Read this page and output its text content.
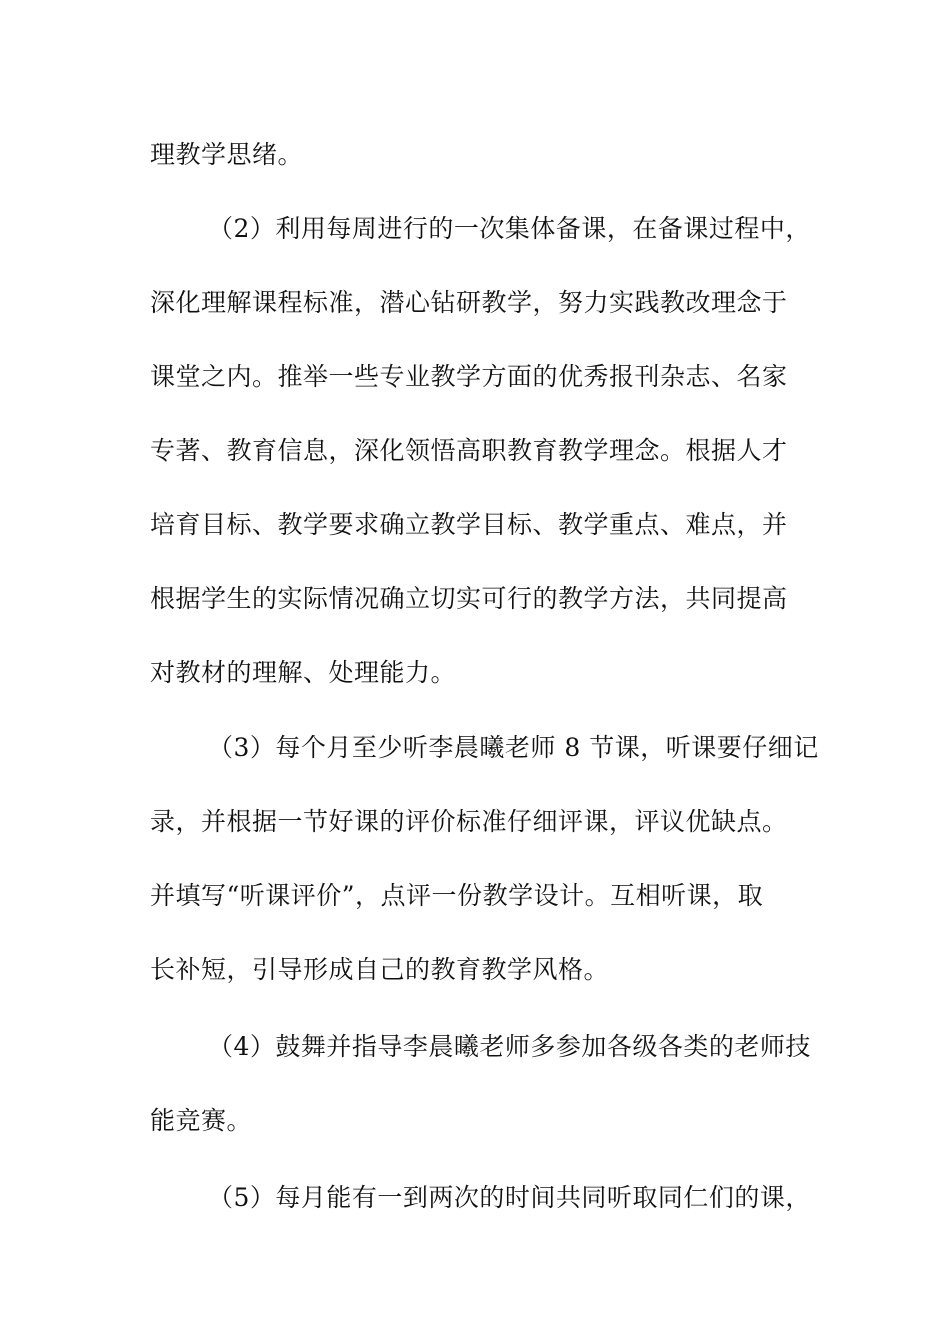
理教学思绪。
（2）利用每周进行的一次集体备课，在备课过程中，
深化理解课程标准，潜心钻研教学，努力实践教改理念于
课堂之内。推举一些专业教学方面的优秀报刊杂志、名家
专著、教育信息，深化领悟高职教育教学理念。根据人才
培育目标、教学要求确立教学目标、教学重点、难点，并
根据学生的实际情况确立切实可行的教学方法，共同提高
对教材的理解、处理能力。
（3）每个月至少听李晨曦老师 8 节课，听课要仔细记
录，并根据一节好课的评价标准仔细评课，评议优缺点。
并填写“听课评价”，点评一份教学设计。互相听课，取
长补短，引导形成自己的教育教学风格。
（4）鼓舞并指导李晨曦老师多参加各级各类的老师技
能竞赛。
（5）每月能有一到两次的时间共同听取同仁们的课，
